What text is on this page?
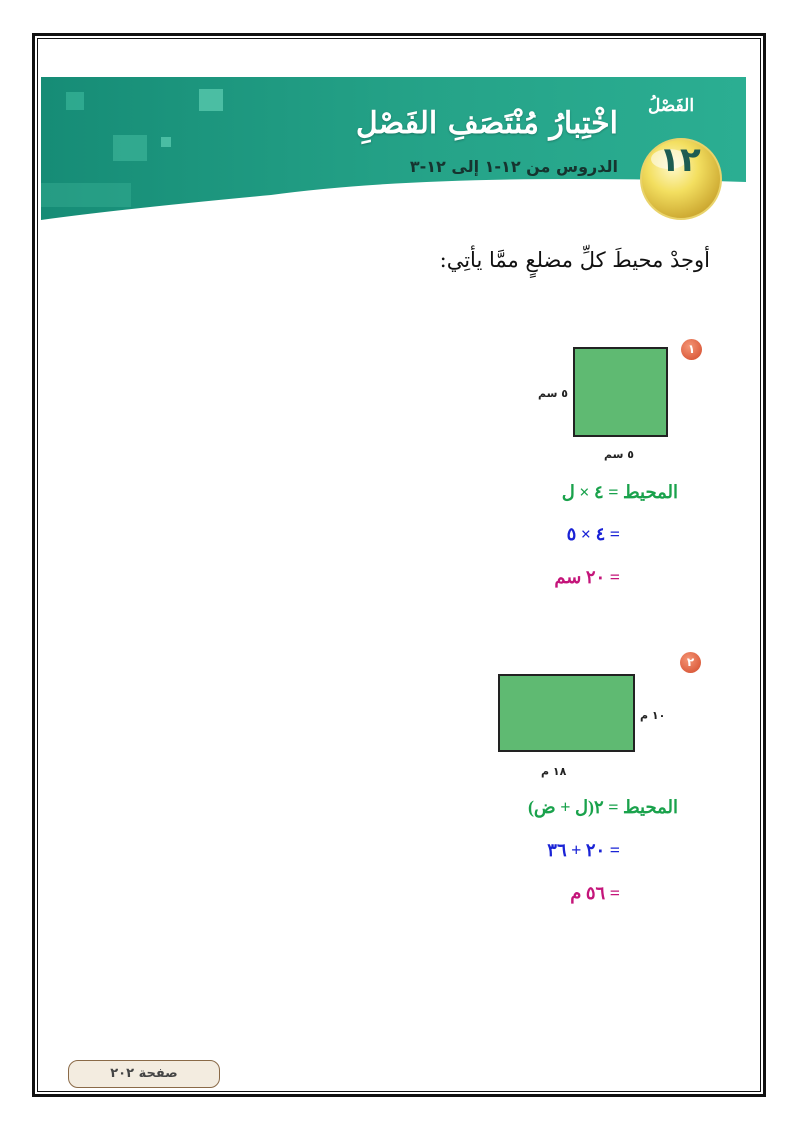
الفَصْلُ
١٢
اخْتِبارُ مُنْتَصَفِ الفَصْلِ
الدروس من ١٢-١ إلى ١٢-٣
أوجدْ محيطَ كلِّ مضلعٍ ممَّا يأتِي:
١
٥ سم
٥ سم
المحيط = ٤ × ل
= ٤ × ٥
= ٢٠ سم
٢
١٠ م
١٨ م
المحيط = ٢(ل + ض)
= ٢٠ + ٣٦
= ٥٦ م
صفحة ٢٠٢
